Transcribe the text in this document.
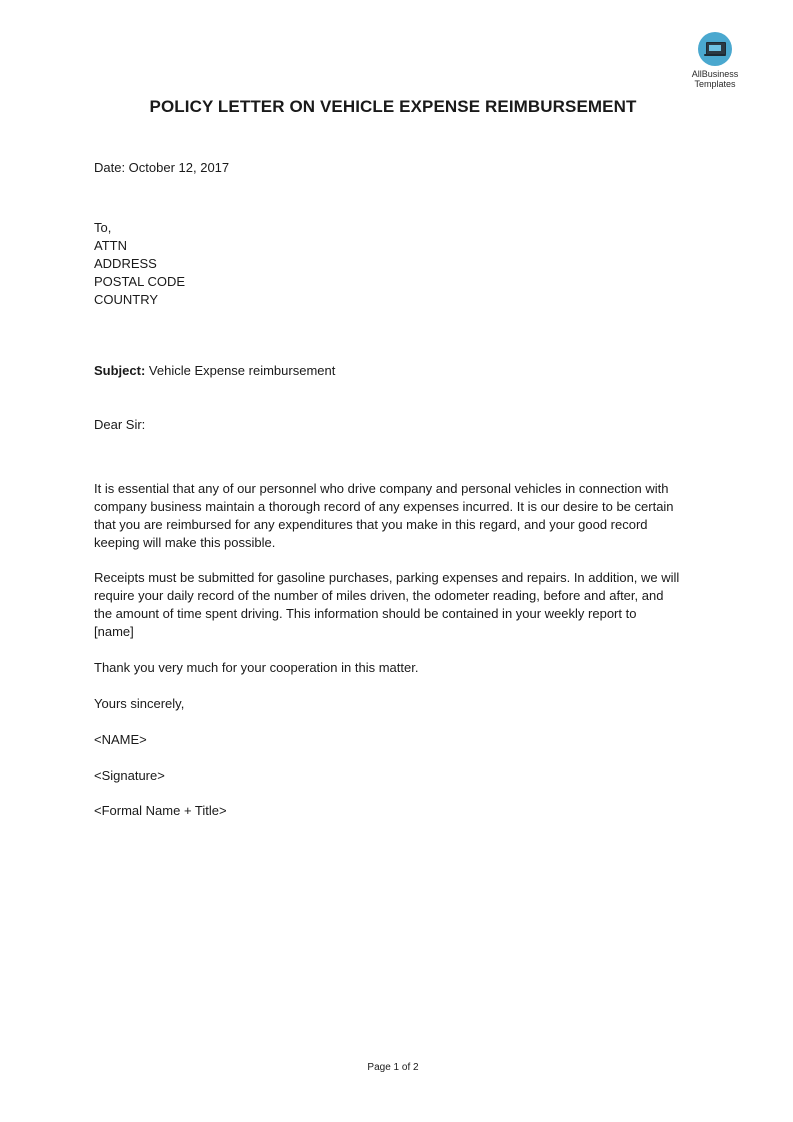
AllBusiness
Templates
POLICY LETTER ON VEHICLE EXPENSE REIMBURSEMENT
Date: October 12, 2017
To,
ATTN
ADDRESS
POSTAL CODE
COUNTRY
Subject: Vehicle Expense reimbursement
Dear Sir:
It is essential that any of our personnel who drive company and personal vehicles in connection with
company business maintain a thorough record of any expenses incurred. It is our desire to be certain
that you are reimbursed for any expenditures that you make in this regard, and your good record
keeping will make this possible.
Receipts must be submitted for gasoline purchases, parking expenses and repairs. In addition, we will
require your daily record of the number of miles driven, the odometer reading, before and after, and
the amount of time spent driving. This information should be contained in your weekly report to
[name]
Thank you very much for your cooperation in this matter.
Yours sincerely,
<NAME>
<Signature>
<Formal Name + Title>
Page 1 of 2
